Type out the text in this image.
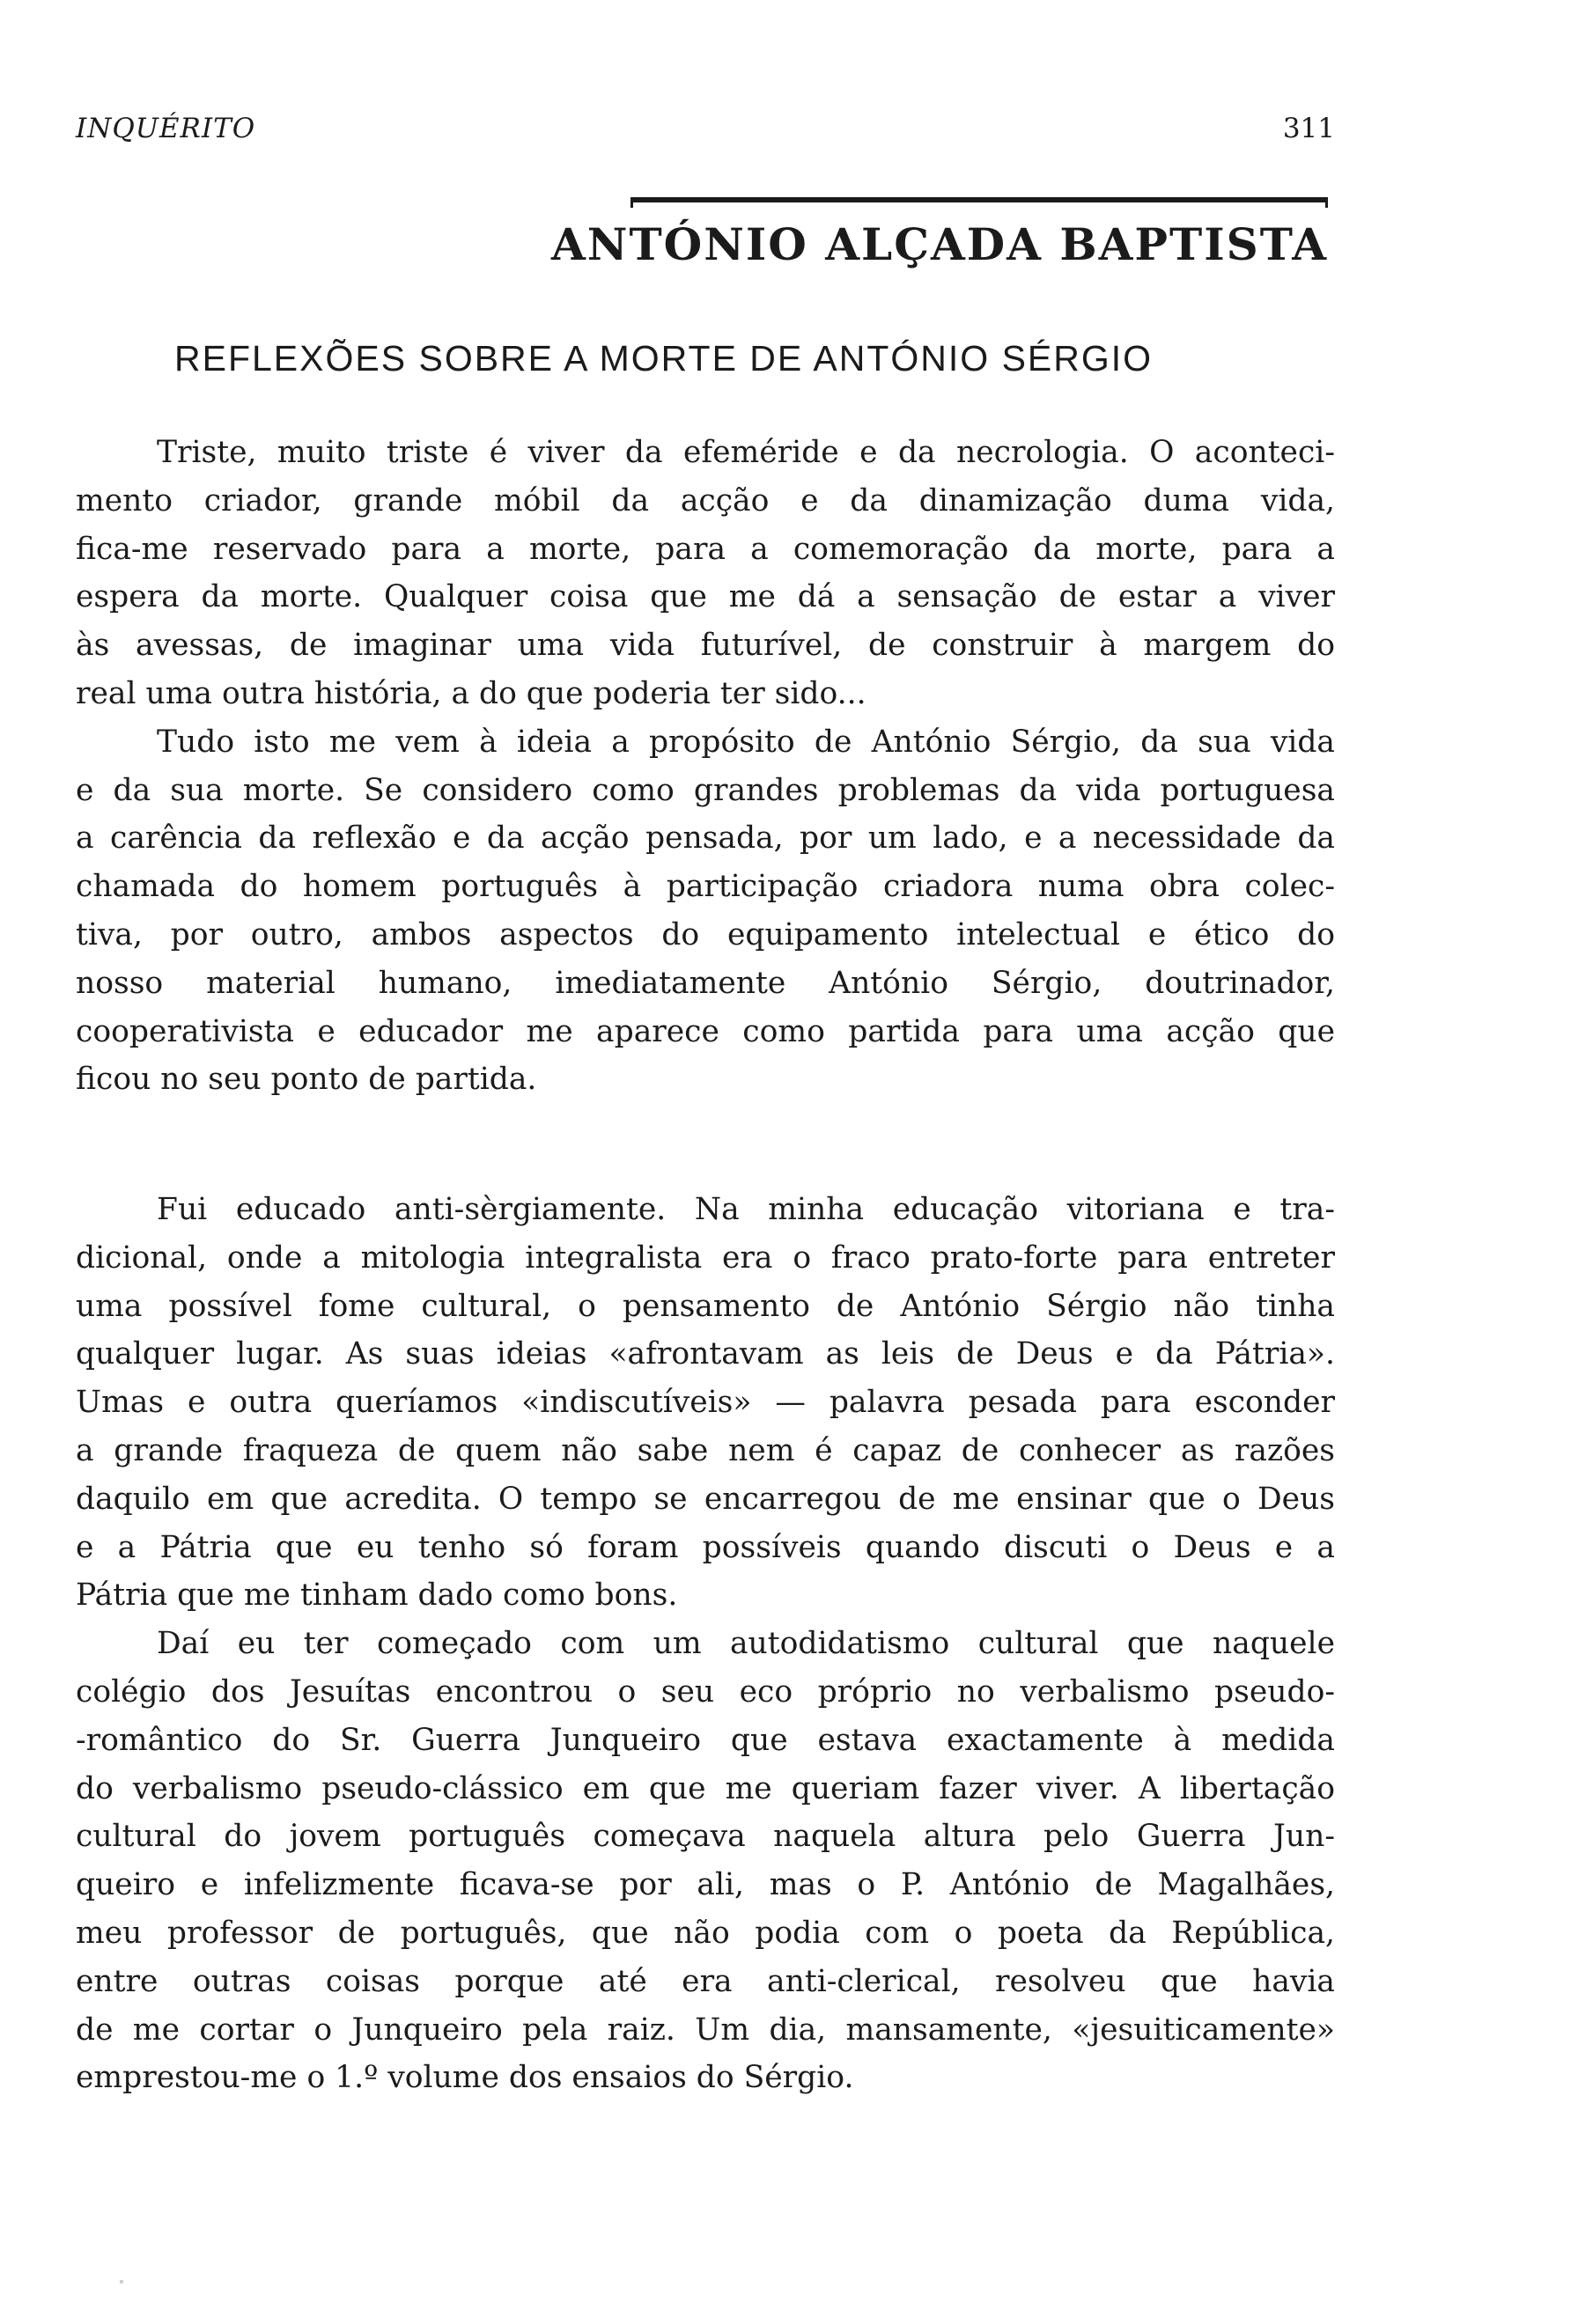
INQUÉRITO	311
ANTÓNIO ALÇADA BAPTISTA
REFLEXÕES SOBRE A MORTE DE ANTÓNIO SÉRGIO
Triste, muito triste é viver da efeméride e da necrologia. O aconteci-
mento criador, grande móbil da acção e da dinamização duma vida,
fica-me reservado para a morte, para a comemoração da morte, para a
espera da morte. Qualquer coisa que me dá a sensação de estar a viver
às avessas, de imaginar uma vida futurível, de construir à margem do
real uma outra história, a do que poderia ter sido...
Tudo isto me vem à ideia a propósito de António Sérgio, da sua vida
e da sua morte. Se considero como grandes problemas da vida portuguesa
a carência da reflexão e da acção pensada, por um lado, e a necessidade da
chamada do homem português à participação criadora numa obra colec-
tiva, por outro, ambos aspectos do equipamento intelectual e ético do
nosso material humano, imediatamente António Sérgio, doutrinador,
cooperativista e educador me aparece como partida para uma acção que
ficou no seu ponto de partida.
Fui educado anti-sèrgiamente. Na minha educação vitoriana e tra-
dicional, onde a mitologia integralista era o fraco prato-forte para entreter
uma possível fome cultural, o pensamento de António Sérgio não tinha
qualquer lugar. As suas ideias «afrontavam as leis de Deus e da Pátria».
Umas e outra queríamos «indiscutíveis» — palavra pesada para esconder
a grande fraqueza de quem não sabe nem é capaz de conhecer as razões
daquilo em que acredita. O tempo se encarregou de me ensinar que o Deus
e a Pátria que eu tenho só foram possíveis quando discuti o Deus e a
Pátria que me tinham dado como bons.
Daí eu ter começado com um autodidatismo cultural que naquele
colégio dos Jesuítas encontrou o seu eco próprio no verbalismo pseudo-
-romântico do Sr. Guerra Junqueiro que estava exactamente à medida
do verbalismo pseudo-clássico em que me queriam fazer viver. A libertação
cultural do jovem português começava naquela altura pelo Guerra Jun-
queiro e infelizmente ficava-se por ali, mas o P. António de Magalhães,
meu professor de português, que não podia com o poeta da República,
entre outras coisas porque até era anti-clerical, resolveu que havia
de me cortar o Junqueiro pela raiz. Um dia, mansamente, «jesuiticamente»
emprestou-me o 1.º volume dos ensaios do Sérgio.
